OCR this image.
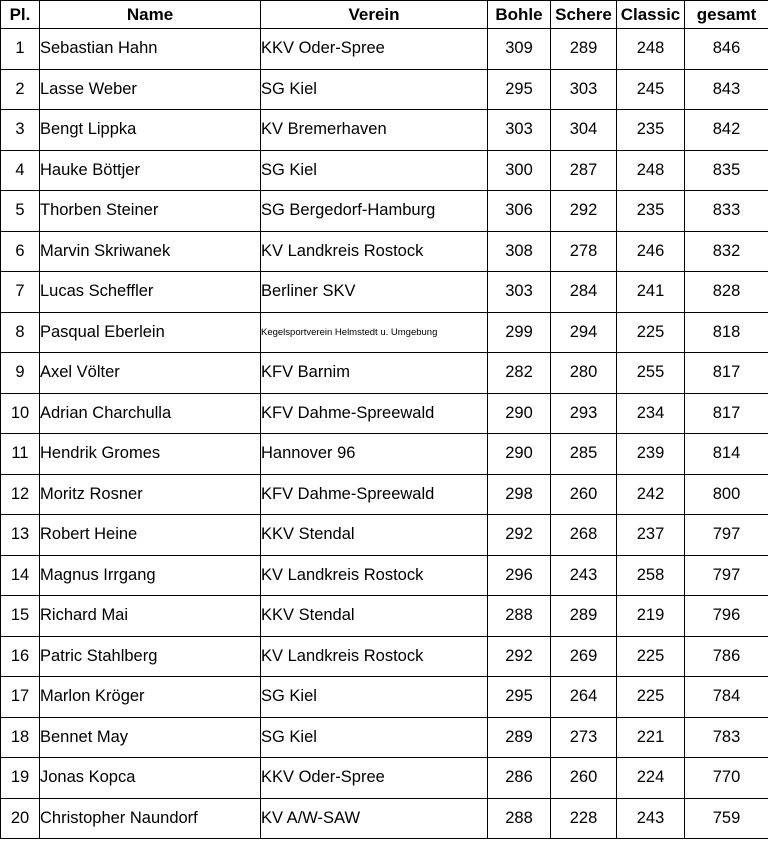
Pl.	Name	Verein	Bohle	Schere	Classic	gesamt
1	Sebastian Hahn	KKV Oder-Spree	309	289	248	846
2	Lasse Weber	SG Kiel	295	303	245	843
3	Bengt Lippka	KV Bremerhaven	303	304	235	842
4	Hauke Böttjer	SG Kiel	300	287	248	835
5	Thorben Steiner	SG Bergedorf-Hamburg	306	292	235	833
6	Marvin Skriwanek	KV Landkreis Rostock	308	278	246	832
7	Lucas Scheffler	Berliner SKV	303	284	241	828
8	Pasqual Eberlein	Kegelsportverein Helmstedt u. Umgebung	299	294	225	818
9	Axel Völter	KFV Barnim	282	280	255	817
10	Adrian Charchulla	KFV Dahme-Spreewald	290	293	234	817
11	Hendrik Gromes	Hannover 96	290	285	239	814
12	Moritz Rosner	KFV Dahme-Spreewald	298	260	242	800
13	Robert Heine	KKV Stendal	292	268	237	797
14	Magnus Irrgang	KV Landkreis Rostock	296	243	258	797
15	Richard Mai	KKV Stendal	288	289	219	796
16	Patric Stahlberg	KV Landkreis Rostock	292	269	225	786
17	Marlon Kröger	SG Kiel	295	264	225	784
18	Bennet May	SG Kiel	289	273	221	783
19	Jonas Kopca	KKV Oder-Spree	286	260	224	770
20	Christopher Naundorf	KV A/W-SAW	288	228	243	759
